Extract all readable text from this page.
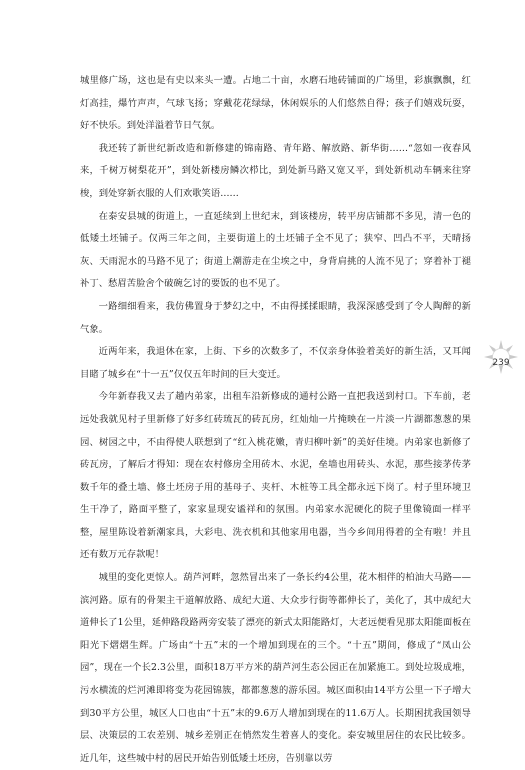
城里修广场，这也是有史以来头一遭。占地二十亩，水磨石地砖铺面的广场里，彩旗飘飘，红灯高挂，爆竹声声，气球飞扬；穿戴花花绿绿，休闲娱乐的人们悠然自得；孩子们嬉戏玩耍，好不快乐。到处洋溢着节日气氛。

我还转了新世纪新改造和新修建的锦南路、青年路、解放路、新华街……“忽如一夜春风来，千树万树梨花开”，到处新楼房鳞次栉比，到处新马路又宽又平，到处新机动车辆来往穿梭，到处穿新衣服的人们欢歌笑语……

在泰安县城的街道上，一直延续到上世纪末，到该楼房，转平房店铺都不多见，清一色的低矮土坯铺子。仅两三年之间，主要街道上的土坯铺子全不见了；狭窄、凹凸不平，天晴扬灰、天雨泥水的马路不见了；街道上潮游走在尘埃之中，身背肩挑的人流不见了；穿着补丁褪补丁、愁眉苦脸舍个破碗乞讨的要饭的也不见了。

一路细细看来，我仿佛置身于梦幻之中，不由得揉揉眼睛，我深深感受到了令人陶醉的新气象。

近两年来，我退休在家，上街、下乡的次数多了，不仅亲身体验着美好的新生活，又耳闻目睹了城乡在“十一五”仅仅五年时间的巨大变迁。

今年新春我又去了趟内弟家，出租车沿新修成的通村公路一直把我送到村口。下车前，老远处我就见村子里新修了好多红砖琉瓦的砖瓦房，红灿灿一片掩映在一片淡一片湖都葱葱的果园、树园之中，不由得使人联想到了“红入桃花嫩，青归柳叶新”的美好佳境。内弟家也新修了砖瓦房，了解后才得知：现在农村修房全用砖木、水泥，垒墙也用砖头、水泥，那些接茅传茅数千年的叠土墙、修土坯房子用的基母子、夹杆、木桩等工具全都永远下岗了。村子里环境卫生干净了，路面平整了，家家显现安谧祥和的氛围。内弟家水泥硬化的院子里像镜面一样平整，屋里陈设着新潮家具，大彩电、洗衣机和其他家用电器，当今乡间用得着的全有啦！并且还有数万元存款呢！

城里的变化更惊人。葫芦河畔，忽然冒出来了一条长约4公里，花木相伴的柏油大马路——滨河路。原有的骨架主干道解放路、成纪大道、大众步行街等都伸长了，美化了，其中成纪大道伸长了1公里，延伸路段路两旁安装了漂亮的新式太阳能路灯，大老远便看见那太阳能面板在阳光下熠熠生辉。广场由“十五”末的一个增加到现在的三个。“十五”期间，修成了“凤山公园”，现在一个长2.3公里，面积18万平方米的葫芦河生态公园正在加紧施工。到处垃圾成堆，污水横流的烂河滩即将变为花园锦簇，都都葱葱的游乐园。城区面积由14平方公里一下子增大到30平方公里，城区人口也由“十五”末的9.6万人增加到现在的11.6万人。长期困扰我国领导层、决策层的工农差别、城乡差别正在悄然发生着喜人的变化。泰安城里居住的农民比较多。近几年，这些城中村的居民开始告别低矮土坯房，告别靠以劳

239
